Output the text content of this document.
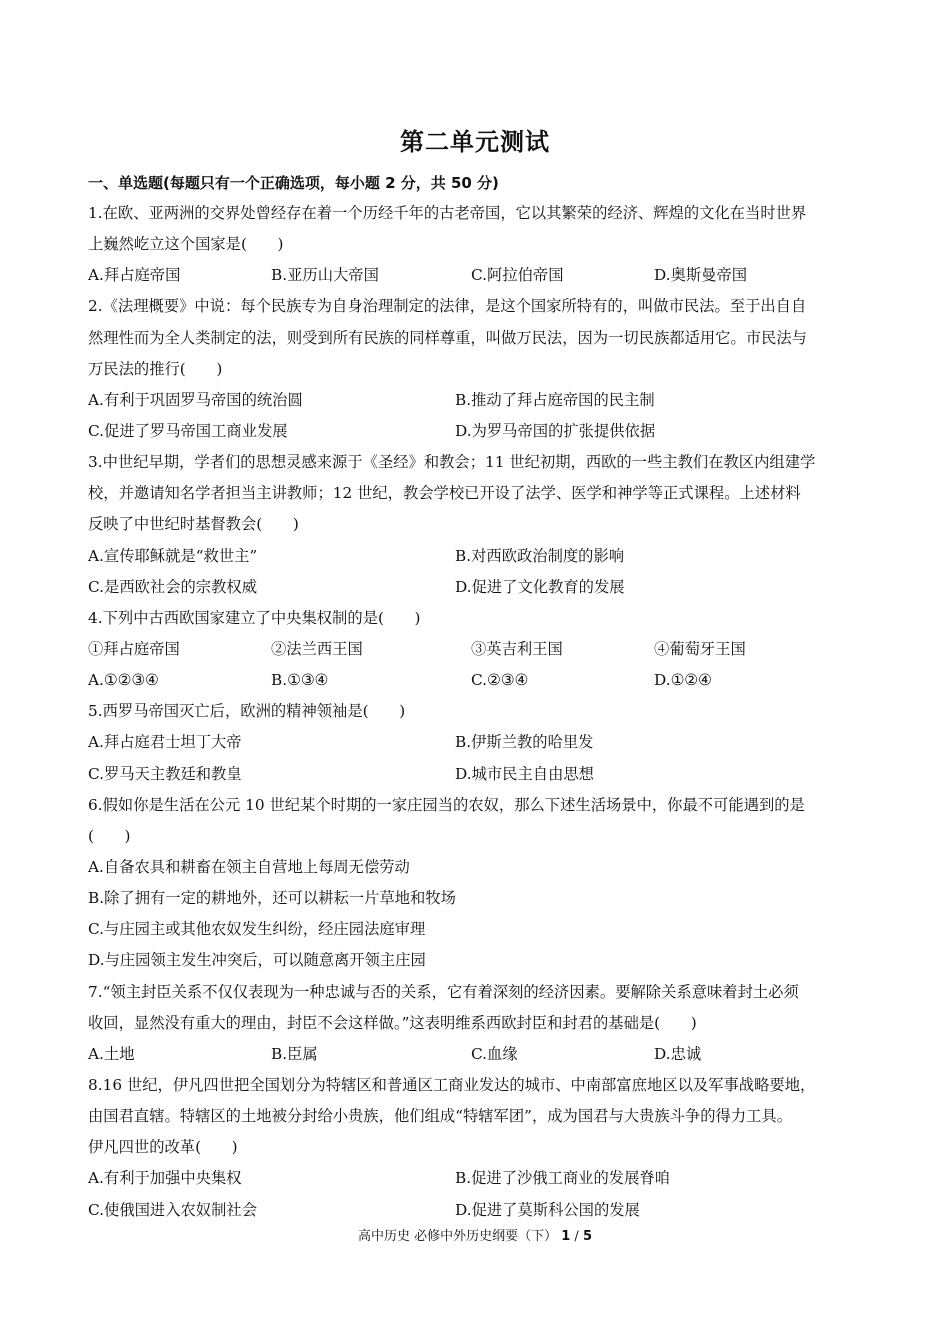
第二单元测试
一、单选题(每题只有一个正确选项，每小题 2 分，共 50 分)
1.在欧、亚两洲的交界处曾经存在着一个历经千年的古老帝国，它以其繁荣的经济、辉煌的文化在当时世界
上巍然屹立这个国家是(　　)
A.拜占庭帝国	B.亚历山大帝国	C.阿拉伯帝国	D.奥斯曼帝国
2.《法理概要》中说：每个民族专为自身治理制定的法律，是这个国家所特有的，叫做市民法。至于出自自
然理性而为全人类制定的法，则受到所有民族的同样尊重，叫做万民法，因为一切民族都适用它。市民法与
万民法的推行(　　)
A.有利于巩固罗马帝国的统治圆	B.推动了拜占庭帝国的民主制
C.促进了罗马帝国工商业发展	D.为罗马帝国的扩张提供依据
3.中世纪早期，学者们的思想灵感来源于《圣经》和教会；11 世纪初期，西欧的一些主教们在教区内组建学
校，并邀请知名学者担当主讲教师；12 世纪，教会学校已开设了法学、医学和神学等正式课程。上述材料
反映了中世纪时基督教会(　　)
A.宣传耶稣就是“救世主”	B.对西欧政治制度的影响
C.是西欧社会的宗教权威	D.促进了文化教育的发展
4.下列中古西欧国家建立了中央集权制的是(　　)
①拜占庭帝国	②法兰西王国	③英吉利王国	④葡萄牙王国
A.①②③④	B.①③④	C.②③④	D.①②④
5.西罗马帝国灭亡后，欧洲的精神领袖是(　　)
A.拜占庭君士坦丁大帝	B.伊斯兰教的哈里发
C.罗马天主教廷和教皇	D.城市民主自由思想
6.假如你是生活在公元 10 世纪某个时期的一家庄园当的农奴，那么下述生活场景中，你最不可能遇到的是
(　　)
A.自备农具和耕畜在领主自营地上每周无偿劳动
B.除了拥有一定的耕地外，还可以耕耘一片草地和牧场
C.与庄园主或其他农奴发生纠纷，经庄园法庭审理
D.与庄园领主发生冲突后，可以随意离开领主庄园
7.“领主封臣关系不仅仅表现为一种忠诚与否的关系，它有着深刻的经济因素。要解除关系意味着封土必须
收回，显然没有重大的理由，封臣不会这样做。”这表明维系西欧封臣和封君的基础是(　　)
A.土地	B.臣属	C.血缘	D.忠诚
8.16 世纪，伊凡四世把全国划分为特辖区和普通区工商业发达的城市、中南部富庶地区以及军事战略要地，
由国君直辖。特辖区的土地被分封给小贵族，他们组成“特辖军团”，成为国君与大贵族斗争的得力工具。
伊凡四世的改革(　　)
A.有利于加强中央集权	B.促进了沙俄工商业的发展脊咱
C.使俄国进入农奴制社会	D.促进了莫斯科公国的发展
高中历史 必修中外历史纲要（下） 1 / 5
